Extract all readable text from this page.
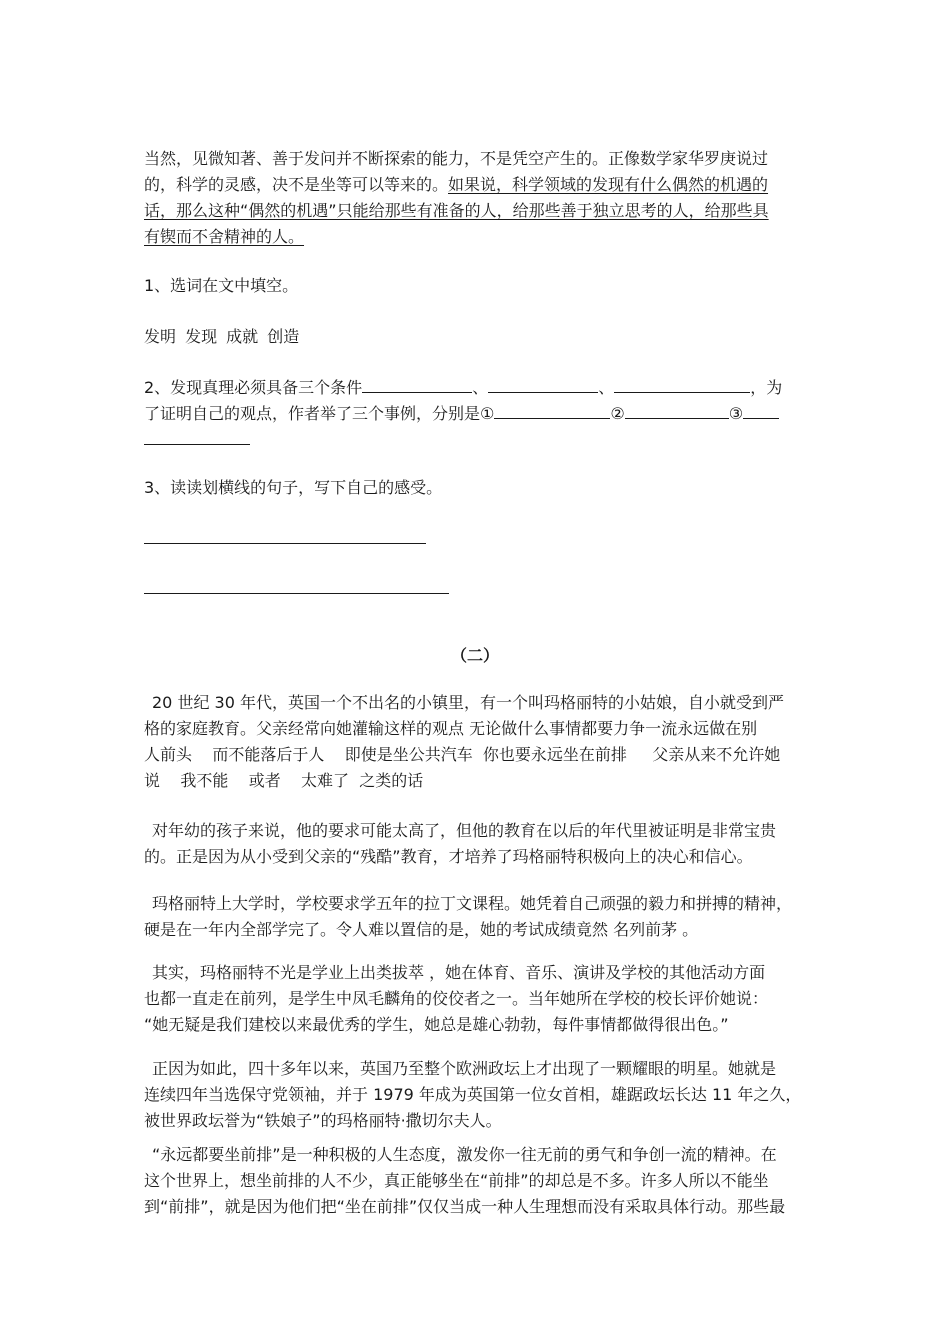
当然，见微知著、善于发问并不断探索的能力，不是凭空产生的。正像数学家华罗庚说过
的，科学的灵感，决不是坐等可以等来的。如果说，科学领域的发现有什么偶然的机遇的
话，那么这种“偶然的机遇”只能给那些有准备的人，给那些善于独立思考的人，给那些具
有锲而不舍精神的人。
1、选词在文中填空。
发明 发现 成就 创造
2、发现真理必须具备三个条件	、	、	，为
了证明自己的观点，作者举了三个事例，分别是①	②	③
3、读读划横线的句子，写下自己的感受。
（二）
20 世纪 30 年代，英国一个不出名的小镇里，有一个叫玛格丽特的小姑娘，自小就受到严
格的家庭教育。父亲经常向她灌输这样的观点 无论做什么事情都要力争一流永远做在别
人前头    而不能落后于人    即使是坐公共汽车  你也要永远坐在前排     父亲从来不允许她
说    我不能    或者    太难了  之类的话
对年幼的孩子来说，他的要求可能太高了，但他的教育在以后的年代里被证明是非常宝贵
的。正是因为从小受到父亲的“残酷”教育，才培养了玛格丽特积极向上的决心和信心。
玛格丽特上大学时，学校要求学五年的拉丁文课程。她凭着自己顽强的毅力和拼搏的精神，
硬是在一年内全部学完了。令人难以置信的是，她的考试成绩竟然 名列前茅 。
其实，玛格丽特不光是学业上出类拔萃 ，她在体育、音乐、演讲及学校的其他活动方面
也都一直走在前列，是学生中凤毛麟角的佼佼者之一。当年她所在学校的校长评价她说：
“她无疑是我们建校以来最优秀的学生，她总是雄心勃勃，每件事情都做得很出色。”
正因为如此，四十多年以来，英国乃至整个欧洲政坛上才出现了一颗耀眼的明星。她就是
连续四年当选保守党领袖，并于 1979 年成为英国第一位女首相，雄踞政坛长达 11 年之久，
被世界政坛誉为“铁娘子”的玛格丽特·撒切尔夫人。
“永远都要坐前排”是一种积极的人生态度，激发你一往无前的勇气和争创一流的精神。在
这个世界上，想坐前排的人不少，真正能够坐在“前排”的却总是不多。许多人所以不能坐
到“前排”，就是因为他们把“坐在前排”仅仅当成一种人生理想而没有采取具体行动。那些最
